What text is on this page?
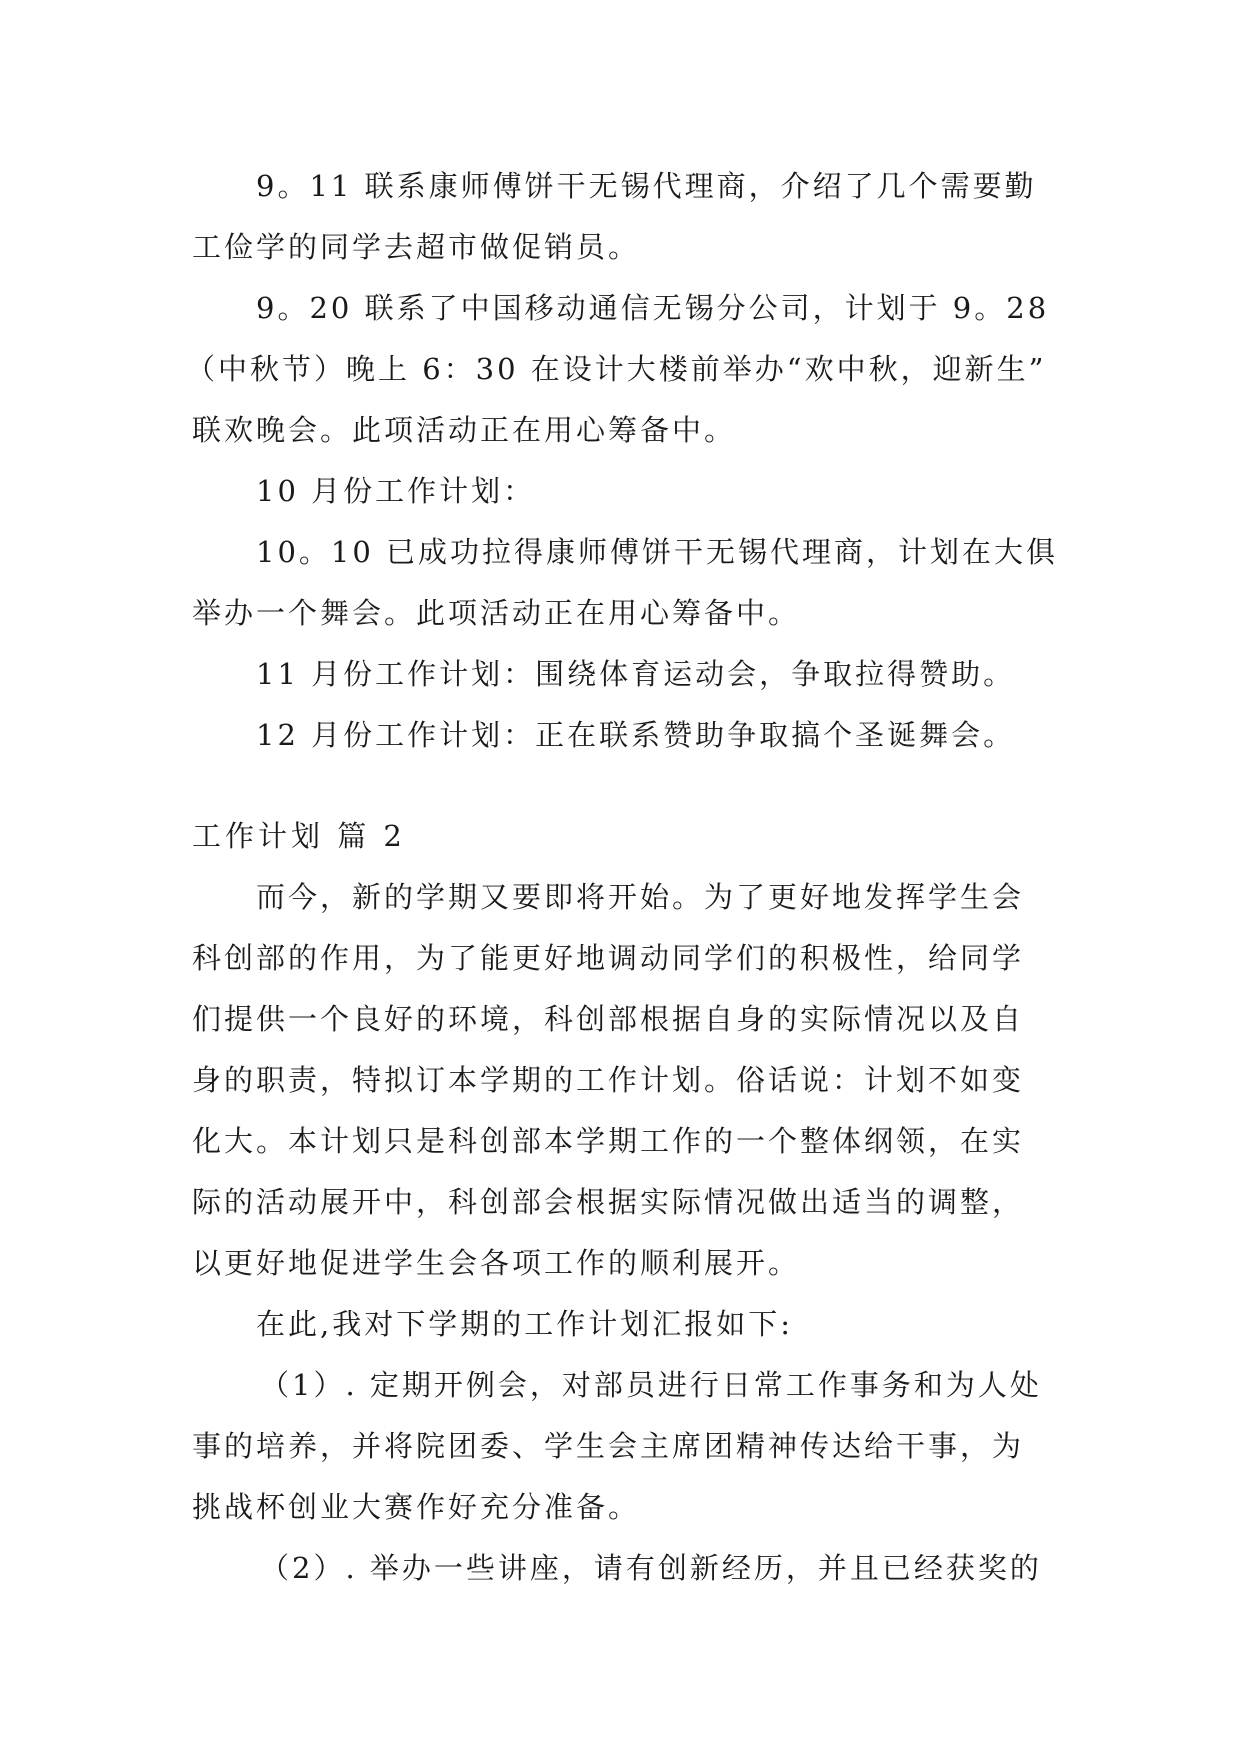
9。11 联系康师傅饼干无锡代理商，介绍了几个需要勤
工俭学的同学去超市做促销员。
9。20 联系了中国移动通信无锡分公司，计划于 9。28
（中秋节）晚上 6：30 在设计大楼前举办“欢中秋，迎新生”
联欢晚会。此项活动正在用心筹备中。
10 月份工作计划：
10。10 已成功拉得康师傅饼干无锡代理商，计划在大俱
举办一个舞会。此项活动正在用心筹备中。
11 月份工作计划：围绕体育运动会，争取拉得赞助。
12 月份工作计划：正在联系赞助争取搞个圣诞舞会。
工作计划 篇 2
而今，新的学期又要即将开始。为了更好地发挥学生会
科创部的作用，为了能更好地调动同学们的积极性，给同学
们提供一个良好的环境，科创部根据自身的实际情况以及自
身的职责，特拟订本学期的工作计划。俗话说：计划不如变
化大。本计划只是科创部本学期工作的一个整体纲领，在实
际的活动展开中，科创部会根据实际情况做出适当的调整，
以更好地促进学生会各项工作的顺利展开。
在此,我对下学期的工作计划汇报如下:
（1）. 定期开例会，对部员进行日常工作事务和为人处
事的培养，并将院团委、学生会主席团精神传达给干事，为
挑战杯创业大赛作好充分准备。
（2）. 举办一些讲座，请有创新经历，并且已经获奖的
